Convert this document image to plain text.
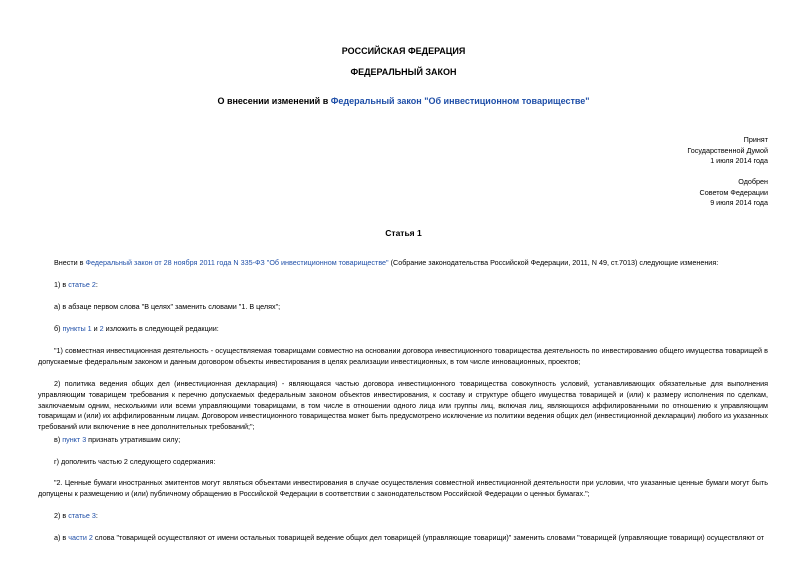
РОССИЙСКАЯ ФЕДЕРАЦИЯ
ФЕДЕРАЛЬНЫЙ ЗАКОН
О внесении изменений в Федеральный закон "Об инвестиционном товариществе"
Принят
Государственной Думой
1 июля 2014 года
Одобрен
Советом Федерации
9 июля 2014 года
Статья 1
Внести в Федеральный закон от 28 ноября 2011 года N 335-ФЗ "Об инвестиционном товариществе" (Собрание законодательства Российской Федерации, 2011, N 49, ст.7013) следующие изменения:
1) в статье 2:
а) в абзаце первом слова "В целях" заменить словами "1. В целях";
б) пункты 1 и 2 изложить в следующей редакции:
"1) совместная инвестиционная деятельность - осуществляемая товарищами совместно на основании договора инвестиционного товарищества деятельность по инвестированию общего имущества товарищей в допускаемые федеральным законом и данным договором объекты инвестирования в целях реализации инвестиционных, в том числе инновационных, проектов;
2) политика ведения общих дел (инвестиционная декларация) - являющаяся частью договора инвестиционного товарищества совокупность условий, устанавливающих обязательные для выполнения управляющим товарищем требования к перечню допускаемых федеральным законом объектов инвестирования, к составу и структуре общего имущества товарищей и (или) к размеру исполнения по сделкам, заключаемым одним, несколькими или всеми управляющими товарищами, в том числе в отношении одного лица или группы лиц, включая лиц, являющихся аффилированными по отношению к управляющим товарищам и (или) их аффилированным лицам. Договором инвестиционного товарищества может быть предусмотрено исключение из политики ведения общих дел (инвестиционной декларации) любого из указанных требований или включение в нее дополнительных требований;";
в) пункт 3 признать утратившим силу;
г) дополнить частью 2 следующего содержания:
"2. Ценные бумаги иностранных эмитентов могут являться объектами инвестирования в случае осуществления совместной инвестиционной деятельности при условии, что указанные ценные бумаги могут быть допущены к размещению и (или) публичному обращению в Российской Федерации в соответствии с законодательством Российской Федерации о ценных бумагах.";
2) в статье 3:
а) в части 2 слова "товарищей осуществляют от имени остальных товарищей ведение общих дел товарищей (управляющие товарищи)" заменить словами "товарищей (управляющие товарищи) осуществляют от
